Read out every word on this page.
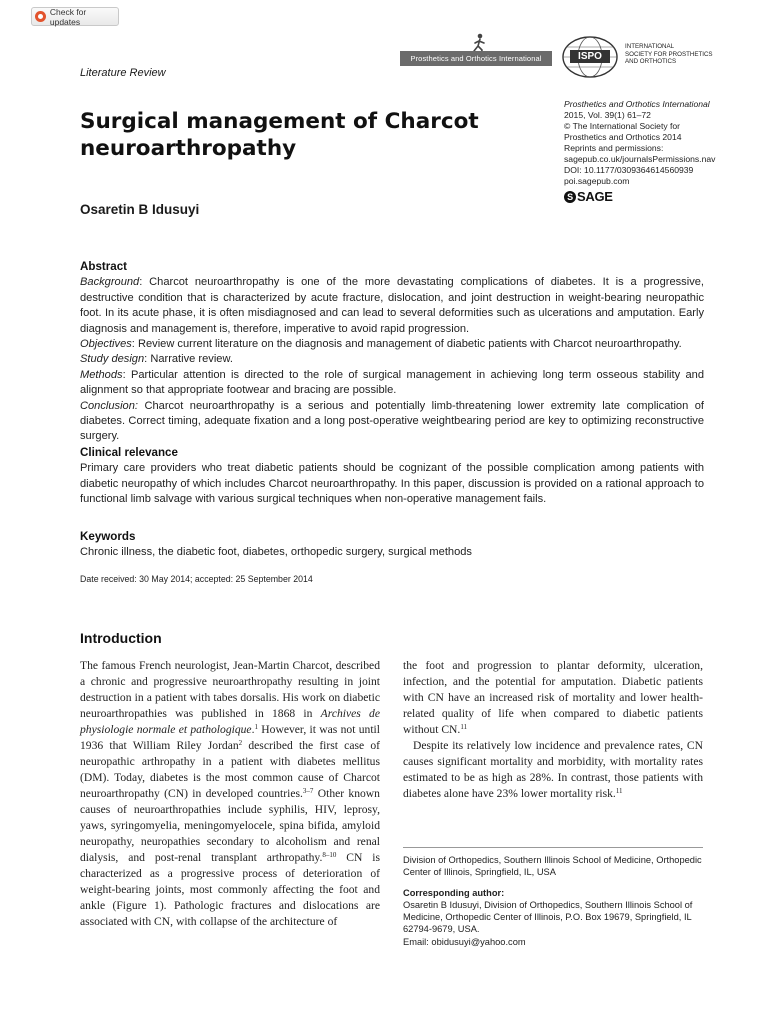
Check for updates
Literature Review
Prosthetics and Orthotics International	ISPO
INTERNATIONAL
SOCIETY FOR PROSTHETICS
AND ORTHOTICS
Surgical management of Charcot neuroarthropathy
Osaretin B Idusuyi
Prosthetics and Orthotics International
2015, Vol. 39(1) 61–72
© The International Society for
Prosthetics and Orthotics 2014
Reprints and permissions:
sagepub.co.uk/journalsPermissions.nav
DOI: 10.1177/0309364614560939
poi.sagepub.com
S SAGE
Abstract

Background: Charcot neuroarthropathy is one of the more devastating complications of diabetes. It is a progressive, destructive condition that is characterized by acute fracture, dislocation, and joint destruction in weight-bearing neuropathic foot. In its acute phase, it is often misdiagnosed and can lead to several deformities such as ulcerations and amputation. Early diagnosis and management is, therefore, imperative to avoid rapid progression.

Objectives: Review current literature on the diagnosis and management of diabetic patients with Charcot neuroarthropathy.

Study design: Narrative review.

Methods: Particular attention is directed to the role of surgical management in achieving long term osseous stability and alignment so that appropriate footwear and bracing are possible.

Conclusion: Charcot neuroarthropathy is a serious and potentially limb-threatening lower extremity late complication of diabetes. Correct timing, adequate fixation and a long post-operative weightbearing period are key to optimizing reconstructive surgery.

Clinical relevance

Primary care providers who treat diabetic patients should be cognizant of the possible complication among patients with diabetic neuropathy of which includes Charcot neuroarthropathy. In this paper, discussion is provided on a rational approach to functional limb salvage with various surgical techniques when non-operative management fails.

Keywords

Chronic illness, the diabetic foot, diabetes, orthopedic surgery, surgical methods

Date received: 30 May 2014; accepted: 25 September 2014
Introduction

The famous French neurologist, Jean-Martin Charcot, described a chronic and progressive neuroarthropathy resulting in joint destruction in a patient with tabes dorsalis. His work on diabetic neuroarthropathies was published in 1868 in Archives de physiologie normale et pathologique.$^1$ However, it was not until 1936 that William Riley Jordan$^2$ described the first case of neuropathic arthropathy in a patient with diabetes mellitus (DM). Today, diabetes is the most common cause of Charcot neuroarthropathy (CN) in developed countries.$^{3-7}$ Other known causes of neuroarthropathies include syphilis, HIV, leprosy, yaws, syringomyelia, meningomyelocele, spina bifida, amyloid neuropathy, neuropathies secondary to alcoholism and renal dialysis, and post-renal transplant arthropathy.$^{8-10}$ CN is characterized as a progressive process of deterioration of weight-bearing joints, most commonly affecting the foot and ankle (Figure 1). Pathologic fractures and dislocations are associated with CN, with collapse of the architecture of

the foot and progression to plantar deformity, ulceration, infection, and the potential for amputation. Diabetic patients with CN have an increased risk of mortality and lower health-related quality of life when compared to diabetic patients without CN.$^{11}$

Despite its relatively low incidence and prevalence rates, CN causes significant mortality and morbidity, with mortality rates estimated to be as high as 28%. In contrast, those patients with diabetes alone have 23% lower mortality risk.$^{11}$

Division of Orthopedics, Southern Illinois School of Medicine, Orthopedic Center of Illinois, Springfield, IL, USA

Corresponding author:

Osaretin B Idusuyi, Division of Orthopedics, Southern Illinois School of Medicine, Orthopedic Center of Illinois, P.O. Box 19679, Springfield, IL 62794-9679, USA.

Email: obidusuyi@yahoo.com
